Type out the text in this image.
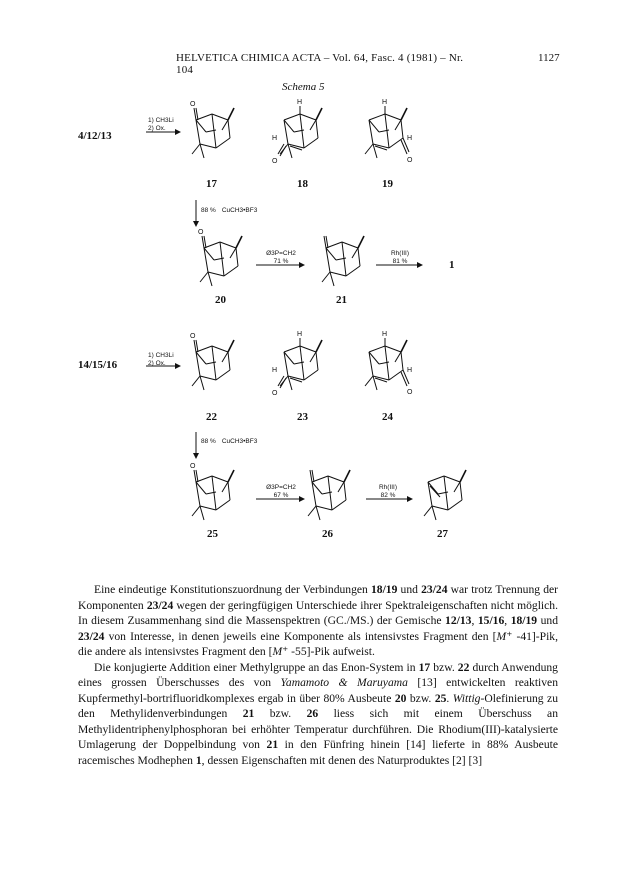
HELVETICA CHIMICA ACTA – Vol. 64, Fasc. 4 (1981) – Nr. 104
1127
Schema 5
4/12/13
14/15/16
1) CH3Li
2) Ox.
1) CH3Li
2) Ox.
88 % CuCH3•BF3
88 % CuCH3•BF3
Ø3P=CH2
71 %
Ø3P=CH2
67 %
Rh(III)
81 %
Rh(III)
82 %
O
O
H
H
O
H
H
O
O
O
H
H
O
H
H
O
17	18	19
20	21
1
22	23	24
25	26	27

Eine eindeutige Konstitutionszuordnung der Verbindungen 18/19 und 23/24 war trotz Trennung der Komponenten 23/24 wegen der geringfügigen Unterschiede ihrer Spektraleigenschaften nicht möglich. In diesem Zusammenhang sind die Massenspektren (GC./MS.) der Gemische 12/13, 15/16, 18/19 und 23/24 von Interesse, in denen jeweils eine Komponente als intensivstes Fragment den [M⁺ -41]-Pik, die andere als intensivstes Fragment den [M⁺ -55]-Pik aufweist.

Die konjugierte Addition einer Methylgruppe an das Enon-System in 17 bzw. 22 durch Anwendung eines grossen Überschusses des von Yamamoto & Maruyama [13] entwickelten reaktiven Kupfermethyl-bortrifluoridkomplexes ergab in über 80% Ausbeute 20 bzw. 25. Wittig-Olefinierung zu den Methylidenverbindungen 21 bzw. 26 liess sich mit einem Überschuss an Methylidentriphenylphosphoran bei erhöhter Temperatur durchführen. Die Rhodium(III)-katalysierte Umlagerung der Doppelbindung von 21 in den Fünfring hinein [14] lieferte in 88% Ausbeute racemisches Modhephen 1, dessen Eigenschaften mit denen des Naturproduktes [2] [3]
